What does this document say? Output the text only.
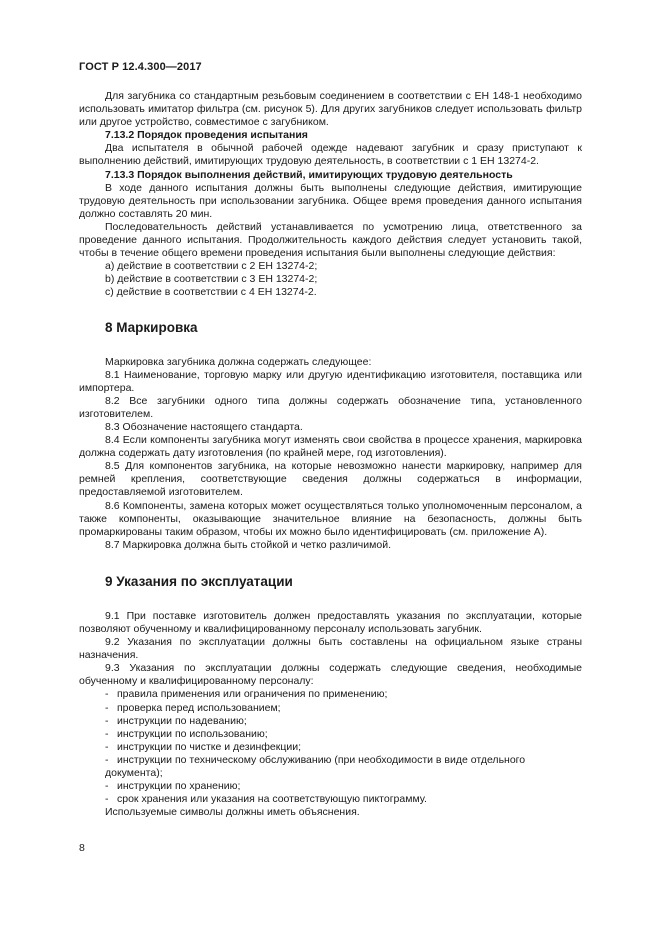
ГОСТ Р 12.4.300—2017

Для загубника со стандартным резьбовым соединением в соответствии с ЕН 148-1 необходимо использовать имитатор фильтра (см. рисунок 5). Для других загубников следует использовать фильтр или другое устройство, совместимое с загубником.

7.13.2 Порядок проведения испытания

Два испытателя в обычной рабочей одежде надевают загубник и сразу приступают к выполнению действий, имитирующих трудовую деятельность, в соответствии с 1 ЕН 13274-2.

7.13.3 Порядок выполнения действий, имитирующих трудовую деятельность

В ходе данного испытания должны быть выполнены следующие действия, имитирующие трудовую деятельность при использовании загубника. Общее время проведения данного испытания должно составлять 20 мин.

Последовательность действий устанавливается по усмотрению лица, ответственного за проведение данного испытания. Продолжительность каждого действия следует установить такой, чтобы в течение общего времени проведения испытания были выполнены следующие действия:

a) действие в соответствии с 2 ЕН 13274-2;

b) действие в соответствии с 3 ЕН 13274-2;

c) действие в соответствии с 4 ЕН 13274-2.

8 Маркировка

Маркировка загубника должна содержать следующее:

8.1 Наименование, торговую марку или другую идентификацию изготовителя, поставщика или импортера.

8.2 Все загубники одного типа должны содержать обозначение типа, установленного изготовителем.

8.3 Обозначение настоящего стандарта.

8.4 Если компоненты загубника могут изменять свои свойства в процессе хранения, маркировка должна содержать дату изготовления (по крайней мере, год изготовления).

8.5 Для компонентов загубника, на которые невозможно нанести маркировку, например для ремней крепления, соответствующие сведения должны содержаться в информации, предоставляемой изготовителем.

8.6 Компоненты, замена которых может осуществляться только уполномоченным персоналом, а также компоненты, оказывающие значительное влияние на безопасность, должны быть промаркированы таким образом, чтобы их можно было идентифицировать (см. приложение А).

8.7 Маркировка должна быть стойкой и четко различимой.

9 Указания по эксплуатации

9.1 При поставке изготовитель должен предоставлять указания по эксплуатации, которые позволяют обученному и квалифицированному персоналу использовать загубник.

9.2 Указания по эксплуатации должны быть составлены на официальном языке страны назначения.

9.3 Указания по эксплуатации должны содержать следующие сведения, необходимые обученному и квалифицированному персоналу:

- правила применения или ограничения по применению;

- проверка перед использованием;

- инструкции по надеванию;

- инструкции по использованию;

- инструкции по чистке и дезинфекции;

- инструкции по техническому обслуживанию (при необходимости в виде отдельного документа);

- инструкции по хранению;

- срок хранения или указания на соответствующую пиктограмму.

Используемые символы должны иметь объяснения.

8
